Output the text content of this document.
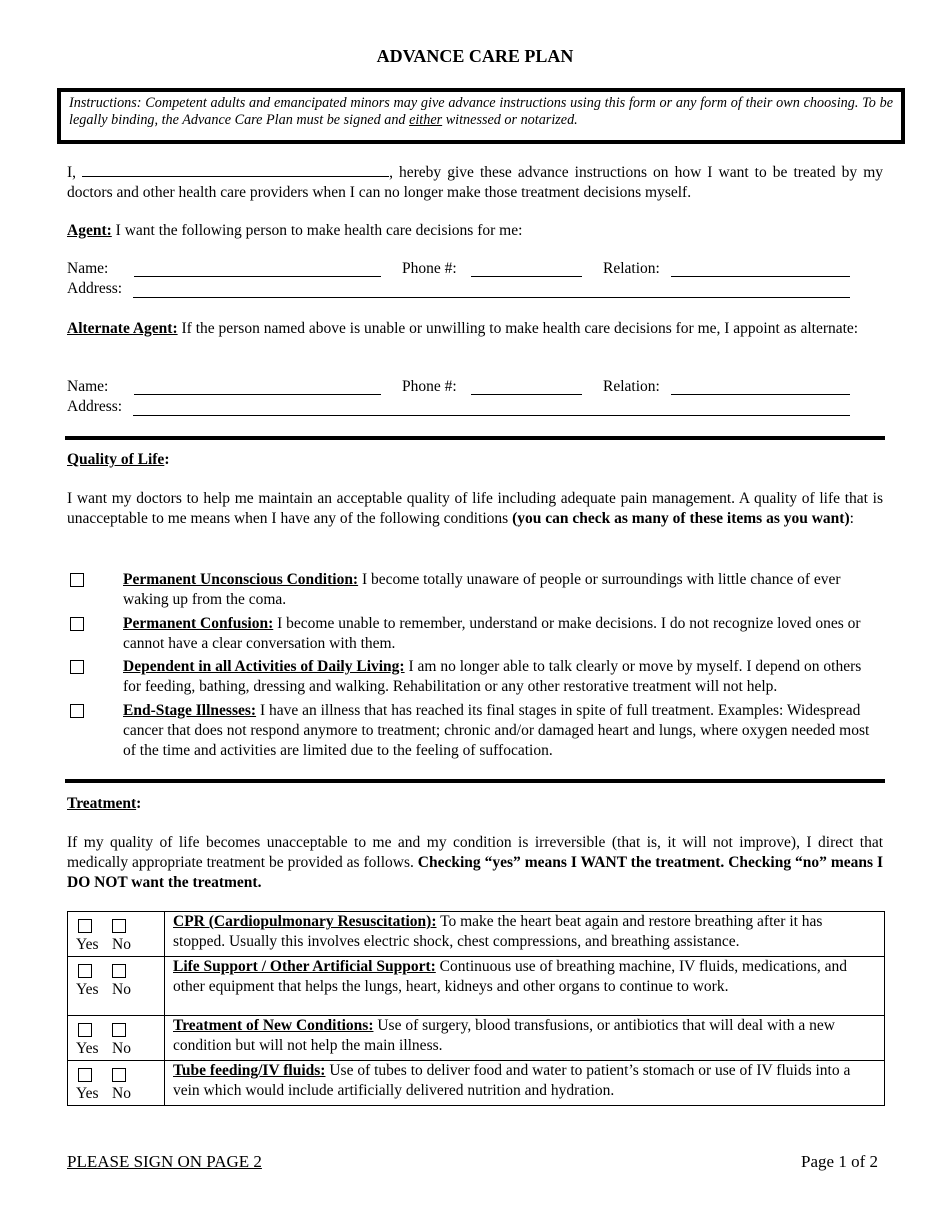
ADVANCE CARE PLAN
Instructions: Competent adults and emancipated minors may give advance instructions using this form or any form of their own choosing. To be legally binding, the Advance Care Plan must be signed and either witnessed or notarized.
I,	, hereby give these advance instructions on how I want to be treated by my doctors and other health care providers when I can no longer make those treatment decisions myself.
Agent: I want the following person to make health care decisions for me:
Name:	Phone #:	Relation:
Address:
Alternate Agent: If the person named above is unable or unwilling to make health care decisions for me, I appoint as alternate:
Name:	Phone #:	Relation:
Address:
Quality of Life:
I want my doctors to help me maintain an acceptable quality of life including adequate pain management. A quality of life that is unacceptable to me means when I have any of the following conditions (you can check as many of these items as you want):
Permanent Unconscious Condition: I become totally unaware of people or surroundings with little chance of ever waking up from the coma.
Permanent Confusion: I become unable to remember, understand or make decisions. I do not recognize loved ones or cannot have a clear conversation with them.
Dependent in all Activities of Daily Living: I am no longer able to talk clearly or move by myself. I depend on others for feeding, bathing, dressing and walking. Rehabilitation or any other restorative treatment will not help.
End-Stage Illnesses: I have an illness that has reached its final stages in spite of full treatment. Examples: Widespread cancer that does not respond anymore to treatment; chronic and/or damaged heart and lungs, where oxygen needed most of the time and activities are limited due to the feeling of suffocation.
Treatment:
If my quality of life becomes unacceptable to me and my condition is irreversible (that is, it will not improve), I direct that medically appropriate treatment be provided as follows. Checking “yes” means I WANT the treatment. Checking “no” means I DO NOT want the treatment.
Yes No	CPR (Cardiopulmonary Resuscitation): To make the heart beat again and restore breathing after it has stopped. Usually this involves electric shock, chest compressions, and breathing assistance.

Yes No	Life Support / Other Artificial Support: Continuous use of breathing machine, IV fluids, medications, and other equipment that helps the lungs, heart, kidneys and other organs to continue to work.

Yes No	Treatment of New Conditions: Use of surgery, blood transfusions, or antibiotics that will deal with a new condition but will not help the main illness.

Yes No	Tube feeding/IV fluids: Use of tubes to deliver food and water to patient’s stomach or use of IV fluids into a vein which would include artificially delivered nutrition and hydration.
PLEASE SIGN ON PAGE 2	Page 1 of 2
